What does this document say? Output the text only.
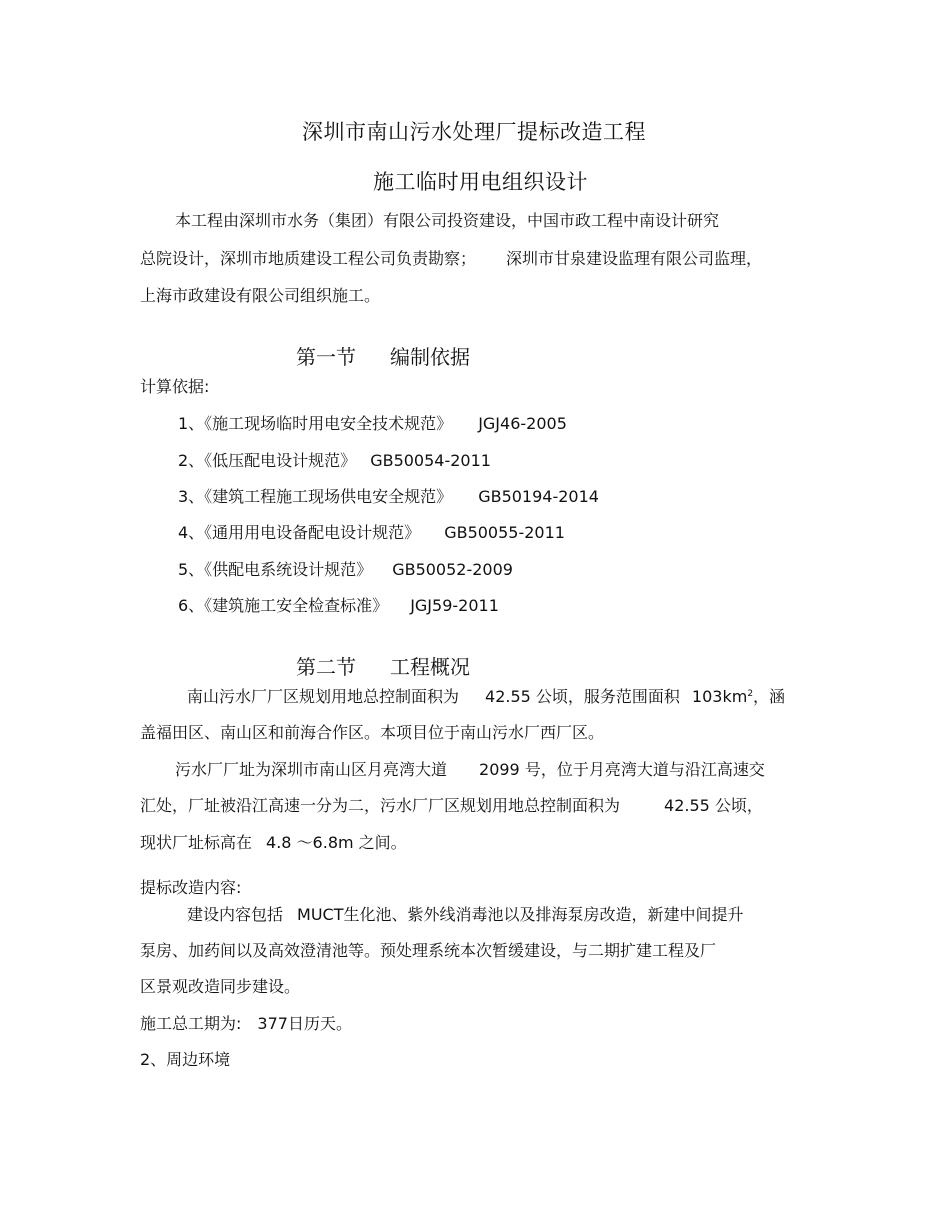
深圳市南山污水处理厂提标改造工程
施工临时用电组织设计
本工程由深圳市水务（集团）有限公司投资建设，中国市政工程中南设计研究
总院设计，深圳市地质建设工程公司负责勘察； 深圳市甘泉建设监理有限公司监理，
上海市政建设有限公司组织施工。
第一节 编制依据
计算依据:
1、《施工现场临时用电安全技术规范》 JGJ46-2005
2、《低压配电设计规范》 GB50054-2011
3、《建筑工程施工现场供电安全规范》 GB50194-2014
4、《通用用电设备配电设计规范》 GB50055-2011
5、《供配电系统设计规范》 GB50052-2009
6、《建筑施工安全检查标准》 JGJ59-2011
第二节 工程概况
南山污水厂厂区规划用地总控制面积为 42.55 公顷，服务范围面积 $103km^2$，涵
盖福田区、南山区和前海合作区。本项目位于南山污水厂西厂区。
污水厂厂址为深圳市南山区月亮湾大道 2099 号，位于月亮湾大道与沿江高速交
汇处，厂址被沿江高速一分为二，污水厂厂区规划用地总控制面积为	42.55 公顷，
现状厂址标高在 4.8 ～6.8m 之间。
提标改造内容:
建设内容包括 MUCT生化池、紫外线消毒池以及排海泵房改造，新建中间提升
泵房、加药间以及高效澄清池等。预处理系统本次暂缓建设，与二期扩建工程及厂
区景观改造同步建设。
施工总工期为: 377日历天。
2、周边环境
